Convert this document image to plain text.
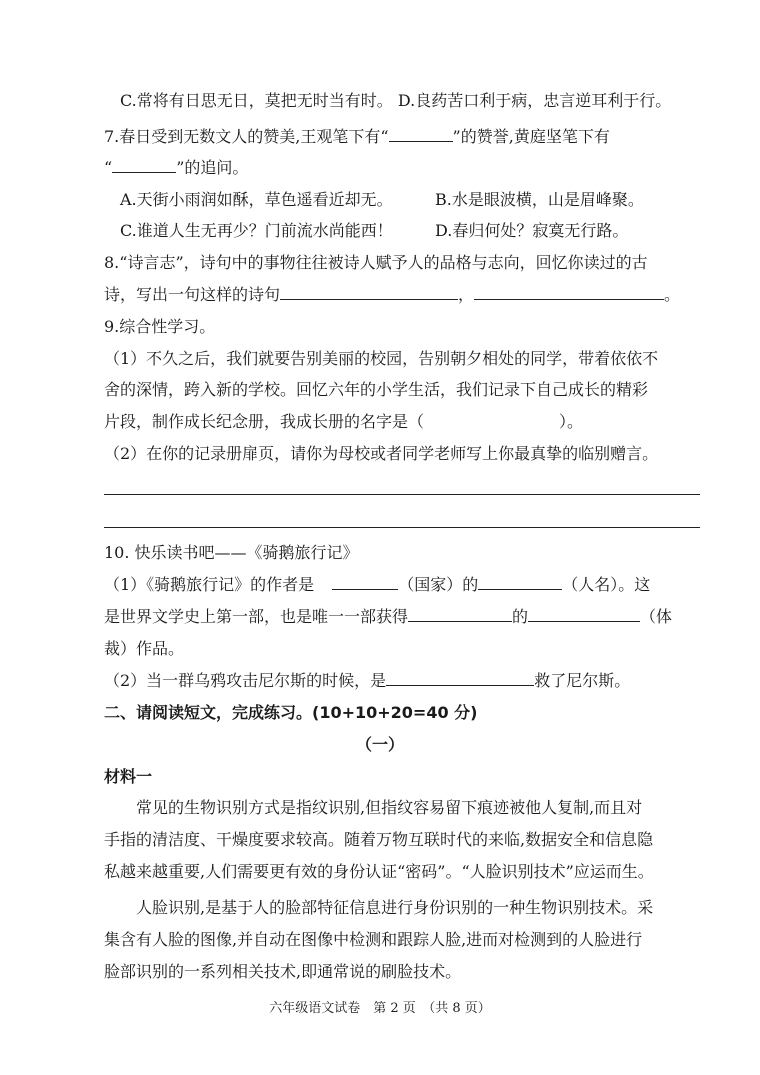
C.常将有日思无日，莫把无时当有时。 D.良药苦口利于病，忠言逆耳利于行。
7.春日受到无数文人的赞美,王观笔下有“	”的赞誉,黄庭坚笔下有
“	”的追问。
A.天街小雨润如酥，草色遥看近却无。	B.水是眼波横，山是眉峰聚。
C.谁道人生无再少？门前流水尚能西！	D.春归何处？寂寞无行路。
8.“诗言志”，诗句中的事物往往被诗人赋予人的品格与志向，回忆你读过的古
诗，写出一句这样的诗句	，	。
9.综合性学习。
（1）不久之后，我们就要告别美丽的校园，告别朝夕相处的同学，带着依依不
舍的深情，跨入新的学校。回忆六年的小学生活，我们记录下自己成长的精彩
片段，制作成长纪念册，我成长册的名字是（	）。
（2）在你的记录册扉页，请你为母校或者同学老师写上你最真挚的临别赠言。
10. 快乐读书吧——《骑鹅旅行记》
（1）《骑鹅旅行记》的作者是	（国家）的	（人名）。这
是世界文学史上第一部，也是唯一一部获得	的	（体
裁）作品。
（2）当一群乌鸦攻击尼尔斯的时候，是	救了尼尔斯。
二、请阅读短文，完成练习。(10+10+20=40 分)
（一）
材料一
常见的生物识别方式是指纹识别,但指纹容易留下痕迹被他人复制,而且对
手指的清洁度、干燥度要求较高。随着万物互联时代的来临,数据安全和信息隐
私越来越重要,人们需要更有效的身份认证“密码”。“人脸识别技术”应运而生。
人脸识别,是基于人的脸部特征信息进行身份识别的一种生物识别技术。采
集含有人脸的图像,并自动在图像中检测和跟踪人脸,进而对检测到的人脸进行
脸部识别的一系列相关技术,即通常说的刷脸技术。
六年级语文试卷　第 2 页　（共 8 页）
